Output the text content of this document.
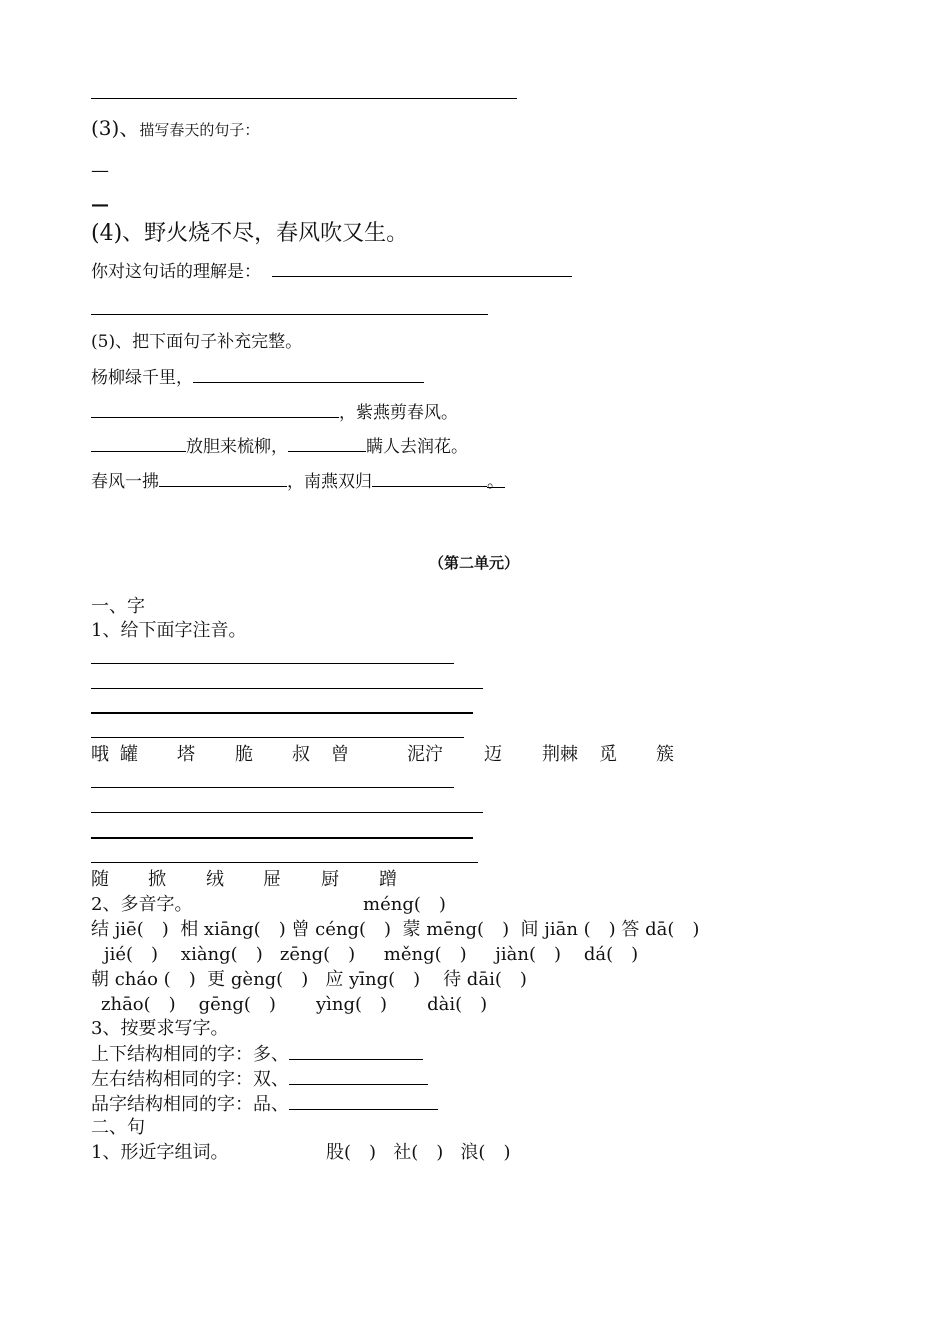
(3)、描写春天的句子：
—
—
(4)、野火烧不尽，春风吹又生。
你对这句话的理解是：
(5)、把下面句子补充完整。
杨柳绿千里，
，紫燕剪春风。
放胆来梳柳，	瞒人去润花。
春风一拂	，南燕双归	。
（第二单元）
一、字
1、给下面字注音。
哦 罐 塔 脆 叔 曾	泥泞 迈 荆棘 觅 簇
随 掀 绒 屉 厨 蹭
2、多音字。	méng(　)
结 jiē(　)  相 xiāng(　) 曾 céng(　)  蒙 mēng(　)  间 jiān (　) 答 dā(　)
jié(　)    xiàng(　)   zēng(　)     měng(　)     jiàn(　)    dá(　)
朝 cháo (　)  更 gèng(　)   应 yīng(　)    待 dāi(　)
zhāo(　)    gēng(　)       yìng(　)       dài(　)
3、按要求写字。
上下结构相同的字：多、
左右结构相同的字：双、
品字结构相同的字：品、
二、句
1、形近字组词。	股(　)   社(　)   浪(　)
